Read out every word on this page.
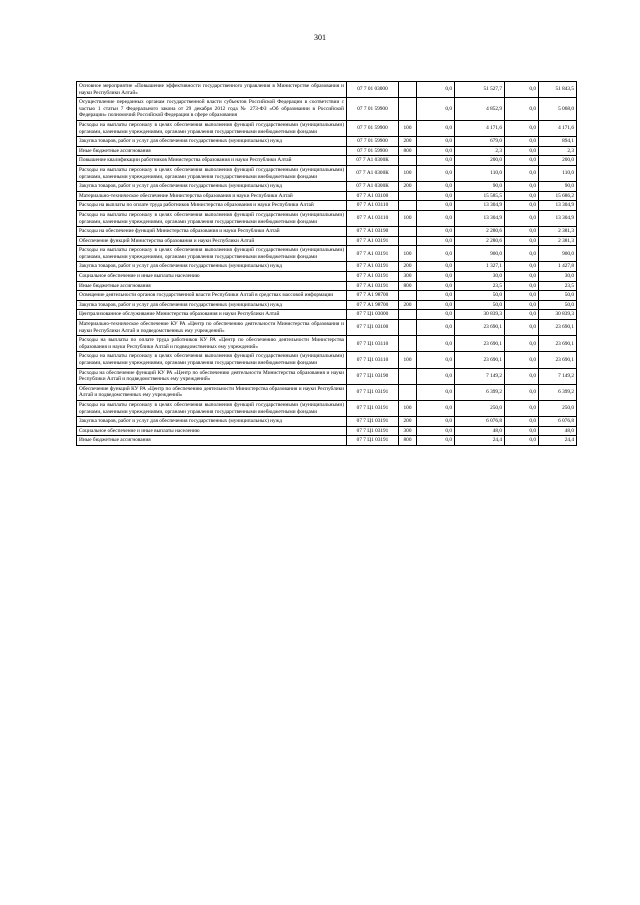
301
Основное мероприятие «Повышение эффективности государственного управления в Министерстве образования и науки Республики Алтай»	07 7 01 03000		0,0	51 527,7	0,0	51 843,5
Осуществление переданных органам государственной власти субъектов Российской Федерации в соответствии с частью 1 статьи 7 Федерального закона от 29 декабря 2012 года № 273-ФЗ «Об образовании в Российской Федерации» полномочий Российской Федерации в сфере образования	07 7 01 59900		0,0	4 852,9	0,0	5 068,0
Расходы на выплаты персоналу в целях обеспечения выполнения функций государственными (муниципальными) органами, казенными учреждениями, органами управления государственными внебюджетными фондами	07 7 01 59900	100	0,0	4 171,6	0,0	4 171,6
Закупка товаров, работ и услуг для обеспечения государственных (муниципальных) нужд	07 7 01 59900	200	0,0	679,0	0,0	894,1
Иные бюджетные ассигнования	07 7 01 59900	800	0,0	2,3	0,0	2,3
Повышение квалификации работников Министерства образования и науки Республики Алтай	07 7 А1 0300К		0,0	200,0	0,0	200,0
Расходы на выплаты персоналу в целях обеспечения выполнения функций государственными (муниципальными) органами, казенными учреждениями, органами управления государственными внебюджетными фондами	07 7 А1 0300К	100	0,0	110,0	0,0	110,0
Закупка товаров, работ и услуг для обеспечения государственных (муниципальных) нужд	07 7 А1 0300К	200	0,0	90,0	0,0	90,0
Материально-техническое обеспечение Министерства образования и науки Республики Алтай	07 7 А1 03100		0,0	15 585,5	0,0	15 686,2
Расходы на выплаты по оплате труда работников Министерства образования и науки Республики Алтай	07 7 А1 03110		0,0	13 304,9	0,0	13 304,9
Расходы на выплаты персоналу в целях обеспечения выполнения функций государственными (муниципальными) органами, казенными учреждениями, органами управления государственными внебюджетными фондами	07 7 А1 03110	100	0,0	13 304,9	0,0	13 304,9
Расходы на обеспечение функций Министерства образования и науки Республики Алтай	07 7 А1 03190		0,0	2 280,6	0,0	2 381,3
Обеспечение функций Министерства образования и науки Республики Алтай	07 7 А1 03191		0,0	2 280,6	0,0	2 381,3
Расходы на выплаты персоналу в целях обеспечения выполнения функций государственными (муниципальными) органами, казенными учреждениями, органами управления государственными внебюджетными фондами	07 7 А1 03191	100	0,0	900,0	0,0	900,0
Закупка товаров, работ и услуг для обеспечения государственных (муниципальных) нужд	07 7 А1 03191	200	0,0	1 327,1	0,0	1 427,8
Социальное обеспечение и иные выплаты населению	07 7 А1 03191	300	0,0	30,0	0,0	30,0
Иные бюджетные ассигнования	07 7 А1 03191	800	0,0	23,5	0,0	23,5
Освещение деятельности органов государственной власти Республики Алтай в средствах массовой информации	07 7 А1 98700		0,0	50,0	0,0	50,0
Закупка товаров, работ и услуг для обеспечения государственных (муниципальных) нужд	07 7 А1 98700	200	0,0	50,0	0,0	50,0
Централизованное обслуживание Министерства образования и науки Республики Алтай	07 7 Ц1 03000		0,0	30 839,3	0,0	30 839,3
Материально-техническое обеспечение КУ РА «Центр по обеспечению деятельности Министерства образования и науки Республики Алтай и подведомственных ему учреждений»	07 7 Ц1 03100		0,0	23 690,1	0,0	23 690,1
Расходы на выплаты по оплате труда работников КУ РА «Центр по обеспечению деятельности Министерства образования и науки Республики Алтай и подведомственных ему учреждений»	07 7 Ц1 03110		0,0	23 690,1	0,0	23 690,1
Расходы на выплаты персоналу в целях обеспечения выполнения функций государственными (муниципальными) органами, казенными учреждениями, органами управления государственными внебюджетными фондами	07 7 Ц1 03110	100	0,0	23 690,1	0,0	23 690,1
Расходы на обеспечение функций КУ РА «Центр по обеспечению деятельности Министерства образования и науки Республики Алтай и подведомственных ему учреждений»	07 7 Ц1 03190		0,0	7 149,2	0,0	7 149,2
Обеспечение функций КУ РА «Центр по обеспечению деятельности Министерства образования и науки Республики Алтай и подведомственных ему учреждений»	07 7 Ц1 03191		0,0	6 399,2	0,0	6 399,2
Расходы на выплаты персоналу в целях обеспечения выполнения функций государственными (муниципальными) органами, казенными учреждениями, органами управления государственными внебюджетными фондами	07 7 Ц1 03191	100	0,0	250,0	0,0	250,0
Закупка товаров, работ и услуг для обеспечения государственных (муниципальных) нужд	07 7 Ц1 03191	200	0,0	6 076,8	0,0	6 076,8
Социальное обеспечение и иные выплаты населению	07 7 Ц1 03191	300	0,0	48,0	0,0	48,0
Иные бюджетные ассигнования	07 7 Ц1 03191	800	0,0	24,4	0,0	24,4
